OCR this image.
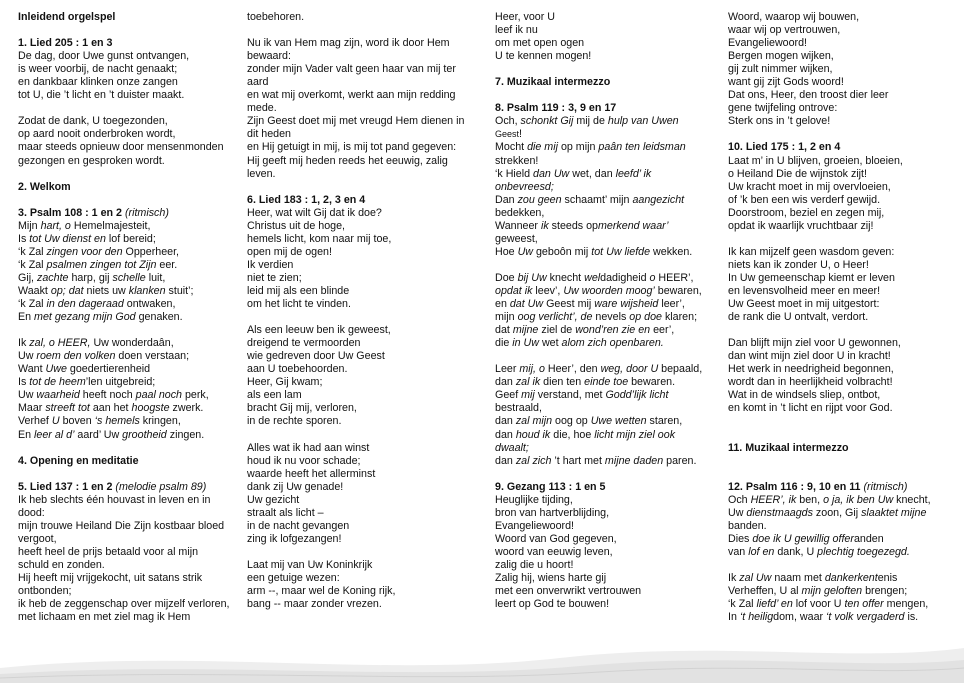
Inleidend orgelspel

1. Lied 205 : 1 en 3

De dag, door Uwe gunst ontvangen,

is weer voorbij, de nacht genaakt;

en dankbaar klinken onze zangen

tot U, die ’t licht en ’t duister maakt.

Zodat de dank, U toegezonden,

op aard nooit onderbroken wordt,

maar steeds opnieuw door mensenmonden

gezongen en gesproken wordt.

2. Welkom

3. Psalm 108 : 1 en 2 (ritmisch)

Mijn hart, o Hemelmajesteit,

Is tot Uw dienst en lof bereid;

‘k Zal zingen voor den Opperheer,

‘k Zal psalmen zingen tot Zijn eer.

Gij, zachte harp, gij schelle luit,

Waakt op; dat niets uw klanken stuit’;

‘k Zal in den dageraad ontwaken,

En met gezang mijn God genaken.

Ik zal, o HEER, Uw wonderdaân,

Uw roem den volken doen verstaan;

Want Uwe goedertierenheid

Is tot de heem’len uitgebreid;

Uw waarheid heeft noch paal noch perk,

Maar streeft tot aan het hoogste zwerk.

Verhef U boven ‘s hemels kringen,

En leer al d’ aard’ Uw grootheid zingen.

4. Opening en meditatie

5. Lied 137 : 1 en 2 (melodie psalm 89)

Ik heb slechts één houvast in leven en in

dood:

mijn trouwe Heiland Die Zijn kostbaar bloed

vergoot,

heeft heel de prijs betaald voor al mijn

schuld en zonden.

Hij heeft mij vrijgekocht, uit satans strik

ontbonden;

ik heb de zeggenschap over mijzelf verloren,

met lichaam en met ziel mag ik Hem

toebehoren.

Nu ik van Hem mag zijn, word ik door Hem

bewaard:

zonder mijn Vader valt geen haar van mij ter

aard

en wat mij overkomt, werkt aan mijn redding

mede.

Zijn Geest doet mij met vreugd Hem dienen in

dit heden

en Hij getuigt in mij, is mij tot pand gegeven:

Hij geeft mij heden reeds het eeuwig, zalig

leven.

6. Lied 183 : 1, 2, 3 en 4

Heer, wat wilt Gij dat ik doe?

Christus uit de hoge,

hemels licht, kom naar mij toe,

open mij de ogen!

Ik verdien

niet te zien;

leid mij als een blinde

om het licht te vinden.

Als een leeuw ben ik geweest,

dreigend te vermoorden

wie gedreven door Uw Geest

aan U toebehoorden.

Heer, Gij kwam;

als een lam

bracht Gij mij, verloren,

in de rechte sporen.

Alles wat ik had aan winst

houd ik nu voor schade;

waarde heeft het allerminst

dank zij Uw genade!

Uw gezicht

straalt als licht –

in de nacht gevangen

zing ik lofgezangen!

Laat mij van Uw Koninkrijk

een getuige wezen:

arm --, maar wel de Koning rijk,

bang -- maar zonder vrezen.

Heer, voor U

leef ik nu

om met open ogen

U te kennen mogen!

7. Muzikaal intermezzo

8. Psalm 119 : 3, 9 en 17

Och, schonkt Gij mij de hulp van Uwen

Geest!

Mocht die mij op mijn paân ten leidsman

strekken!

‘k Hield dan Uw wet, dan leefd’ ik

onbevreesd;

Dan zou geen schaamt’ mijn aangezicht

bedekken,

Wanneer ik steeds opmerkend waar’

geweest,

Hoe Uw geboôn mij tot Uw liefde wekken.

Doe bij Uw knecht weldadigheid o HEER’,

opdat ik leev’, Uw woorden moog’ bewaren,

en dat Uw Geest mij ware wijsheid leer’,

mijn oog verlicht’, de nevels op doe klaren;

dat mijne ziel de wond’ren zie en eer’,

die in Uw wet alom zich openbaren.

Leer mij, o Heer’, den weg, door U bepaald,

dan zal ik dien ten einde toe bewaren.

Geef mij verstand, met Godd’lijk licht

bestraald,

dan zal mijn oog op Uwe wetten staren,

dan houd ik die, hoe licht mijn ziel ook

dwaalt;

dan zal zich ’t hart met mijne daden paren.

9. Gezang 113 : 1 en 5

Heuglijke tijding,

bron van hartverblijding,

Evangeliewoord!

Woord van God gegeven,

woord van eeuwig leven,

zalig die u hoort!

Zalig hij, wiens harte gij

met een onverwrikt vertrouwen

leert op God te bouwen!

Woord, waarop wij bouwen,

waar wij op vertrouwen,

Evangeliewoord!

Bergen mogen wijken,

gij zult nimmer wijken,

want gij zijt Gods woord!

Dat ons, Heer, den troost dier leer

gene twijfeling ontrove:

Sterk ons in ’t gelove!

10. Lied 175 : 1, 2 en 4

Laat m’ in U blijven, groeien, bloeien,

o Heiland Die de wijnstok zijt!

Uw kracht moet in mij overvloeien,

of ’k ben een wis verderf gewijd.

Doorstroom, beziel en zegen mij,

opdat ik waarlijk vruchtbaar zij!

Ik kan mijzelf geen wasdom geven:

niets kan ik zonder U, o Heer!

In Uw gemeenschap kiemt er leven

en levensvolheid meer en meer!

Uw Geest moet in mij uitgestort:

de rank die U ontvalt, verdort.

Dan blijft mijn ziel voor U gewonnen,

dan wint mijn ziel door U in kracht!

Het werk in needrigheid begonnen,

wordt dan in heerlijkheid volbracht!

Wat in de windsels sliep, ontbot,

en komt in ’t licht en rijpt voor God.

11. Muzikaal intermezzo

12. Psalm 116 : 9, 10 en 11 (ritmisch)

Och HEER’, ik ben, o ja, ik ben Uw knecht,

Uw dienstmaagds zoon, Gij slaaktet mijne

banden.

Dies doe ik U gewillig offeranden

van lof en dank, U plechtig toegezegd.

Ik zal Uw naam met dankerkentenis

Verheffen, U al mijn geloften brengen;

‘k Zal liefd’ en lof voor U ten offer mengen,

In ‘t heiligdom, waar ‘t volk vergaderd is.
